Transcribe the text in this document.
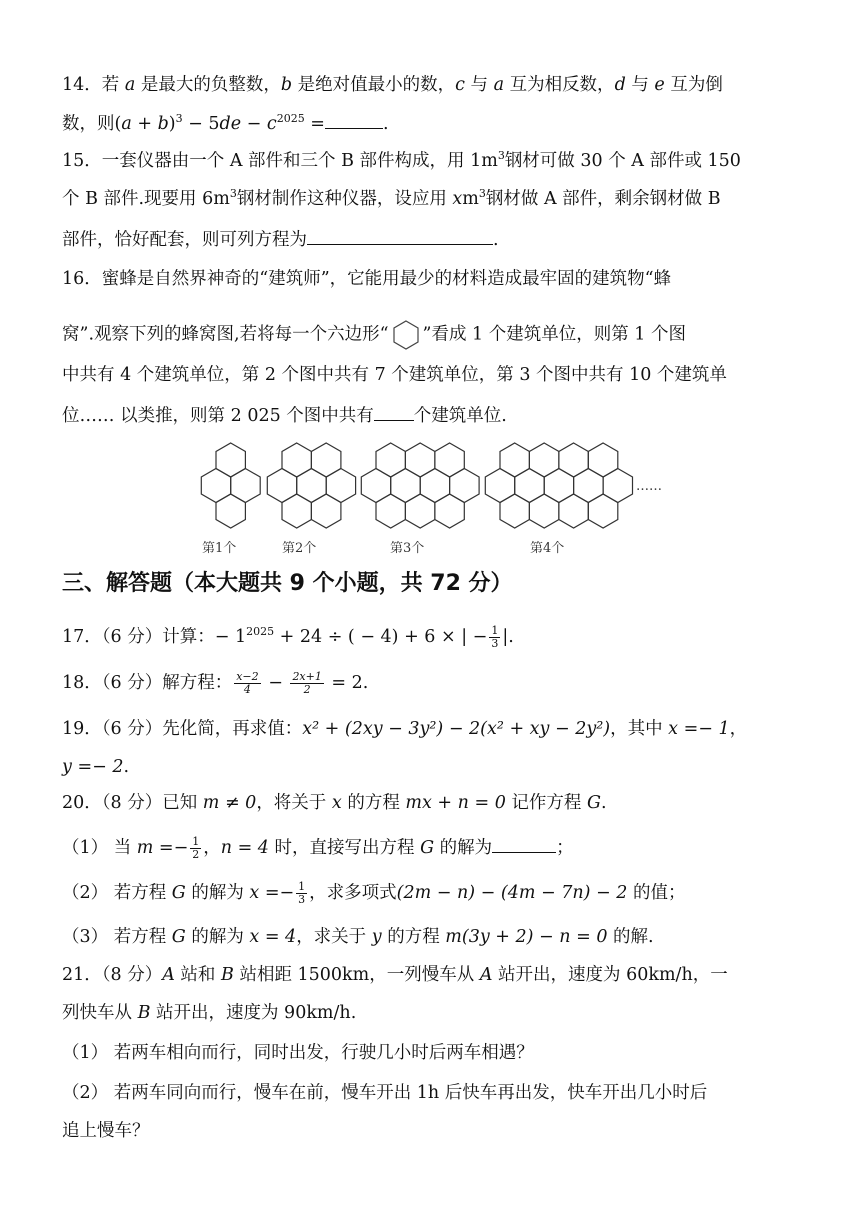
14．若 a 是最大的负整数，b 是绝对值最小的数，c 与 a 互为相反数，d 与 e 互为倒
数，则$(a + b)^3 - 5de - c^{2025}$ =	.
15．一套仪器由一个 A 部件和三个 B 部件构成，用 $1m^3$钢材可做 30 个 A 部件或 150
个 B 部件.现要用 $6m^3$钢材制作这种仪器，设应用 $xm^3$钢材做 A 部件，剩余钢材做 B
部件，恰好配套，则可列方程为	.
16．蜜蜂是自然界神奇的“建筑师”，它能用最少的材料造成最牢固的建筑物“蜂
窝”.观察下列的蜂窝图,若将每一个六边形“ ”看成 1 个建筑单位，则第 1 个图
中共有 4 个建筑单位，第 2 个图中共有 7 个建筑单位，第 3 个图中共有 10 个建筑单
位…… 以类推，则第 2 025 个图中共有 个建筑单位.
第1个	第2个	第3个	第4个
……
三、解答题（本大题共 9 个小题，共 72 分）
17．（6 分）计算：− $1^{2025} + 24$ ÷ ( − 4) + 6 × | − $\frac{1}{3}$ |.
18．（6 分）解方程： $\frac{x-2}{4} - \frac{2x+1}{2} = 2$.
19．（6 分）先化简，再求值：x² + (2xy − 3y²) − 2(x² + xy − 2y²)，其中 x =− 1，
y =− 2.
20．（8 分）已知 m ≠ 0，将关于 x 的方程 mx + n = 0 记作方程 G.
（1） 当 $m =- \frac{1}{2}$ ，n = 4 时，直接写出方程 G 的解为	；
（2） 若方程 G 的解为 $x =- \frac{1}{3}$ ，求多项式(2m − n) − (4m − 7n) − 2 的值；
（3） 若方程 G 的解为 x = 4，求关于 y 的方程 m(3y + 2) − n = 0 的解.
21．（8 分）A 站和 B 站相距 1500km，一列慢车从 A 站开出，速度为 60km/h，一
列快车从 B 站开出，速度为 90km/h.
（1） 若两车相向而行，同时出发，行驶几小时后两车相遇？
（2） 若两车同向而行，慢车在前，慢车开出 1h 后快车再出发，快车开出几小时后
追上慢车？
